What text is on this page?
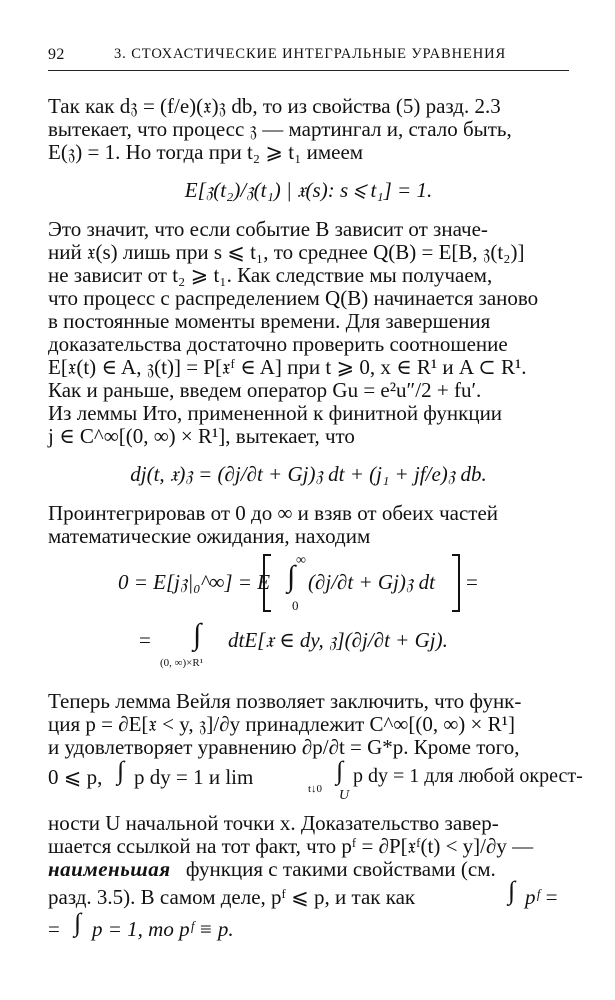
92	3. СТОХАСТИЧЕСКИЕ ИНТЕГРАЛЬНЫЕ УРАВНЕНИЯ
Так как d𝔷 = (f/e)(𝔵)𝔷 db, то из свойства (5) разд. 2.3
вытекает, что процесс 𝔷 — мартингал и, стало быть,
E(𝔷) = 1. Но тогда при t₂ ⩾ t₁ имеем
E[𝔷(t₂)/𝔷(t₁) | 𝔵(s): s ⩽ t₁] = 1.
Это значит, что если событие B зависит от значе-
ний 𝔵(s) лишь при s ⩽ t₁, то среднее Q(B) = E[B, 𝔷(t₂)]
не зависит от t₂ ⩾ t₁. Как следствие мы получаем,
что процесс с распределением Q(B) начинается заново
в постоянные моменты времени. Для завершения
доказательства достаточно проверить соотношение
E[𝔵(t) ∈ A, 𝔷(t)] = P[𝔵ᶠ ∈ A] при t ⩾ 0, x ∈ R¹ и A ⊂ R¹.
Как и раньше, введем оператор Gu = e²u″/2 + fu′.
Из леммы Ито, примененной к финитной функции
j ∈ C^∞[(0, ∞) × R¹], вытекает, что
dj(t, 𝔵)𝔷 = (∂j/∂t + Gj)𝔷 dt + (j₁ + jf/e)𝔷 db.
Проинтегрировав от 0 до ∞ и взяв от обеих частей
математические ожидания, находим
0 = E[j𝔷|₀^∞] = E
∞
∫
0
(∂j/∂t + Gj)𝔷 dt =
= ∫ dtE[𝔵 ∈ dy, 𝔷](∂j/∂t + Gj).
(0, ∞)×R¹
Теперь лемма Вейля позволяет заключить, что функ-
ция p = ∂E[𝔵 < y, 𝔷]/∂y принадлежит C^∞[(0, ∞) × R¹]
и удовлетворяет уравнению ∂p/∂t = G*p. Кроме того,
0 ⩽ p, ∫ p dy = 1 и lim	t↓0
∫ p dy = 1 для любой окрест-
U
ности U начальной точки x. Доказательство завер-
шается ссылкой на тот факт, что pᶠ = ∂P[𝔵ᶠ(t) < y]/∂y —
наименьшая функция с такими свойствами (см.
разд. 3.5). В самом деле, pᶠ ⩽ p, и так как	∫ pᶠ =
= ∫ p = 1, то pᶠ ≡ p.
